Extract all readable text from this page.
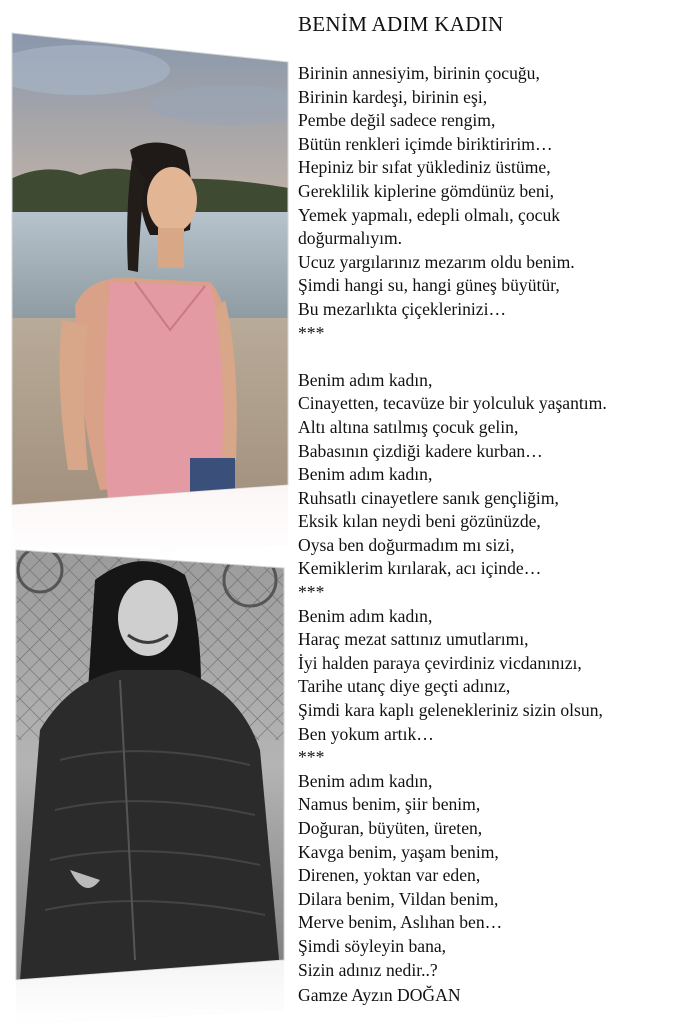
BENİM ADIM KADIN
Birinin annesiyim, birinin çocuğu,
Birinin kardeşi, birinin eşi,
Pembe değil sadece rengim,
Bütün renkleri içimde biriktiririm…
Hepiniz bir sıfat yüklediniz üstüme,
Gereklilik kiplerine gömdünüz beni,
Yemek yapmalı, edepli olmalı, çocuk
doğurmalıyım.
Ucuz yargılarınız mezarım oldu benim.
Şimdi hangi su, hangi güneş büyütür,
Bu mezarlıkta çiçeklerinizi…
***
Benim adım kadın,
Cinayetten, tecavüze bir yolculuk yaşantım.
Altı altına satılmış çocuk gelin,
Babasının çizdiği kadere kurban…
Benim adım kadın,
Ruhsatlı cinayetlere sanık gençliğim,
Eksik kılan neydi beni gözünüzde,
Oysa ben doğurmadım mı sizi,
Kemiklerim kırılarak, acı içinde…
***
Benim adım kadın,
Haraç mezat sattınız umutlarımı,
İyi halden paraya çevirdiniz vicdanınızı,
Tarihe utanç diye geçti adınız,
Şimdi kara kaplı gelenekleriniz sizin olsun,
Ben yokum artık…
***
Benim adım kadın,
Namus benim, şiir benim,
Doğuran, büyüten, üreten,
Kavga benim, yaşam benim,
Direnen, yoktan var eden,
Dilara benim, Vildan benim,
Merve benim, Aslıhan ben…
Şimdi söyleyin bana,
Sizin adınız nedir..?
Gamze Ayzın DOĞAN
